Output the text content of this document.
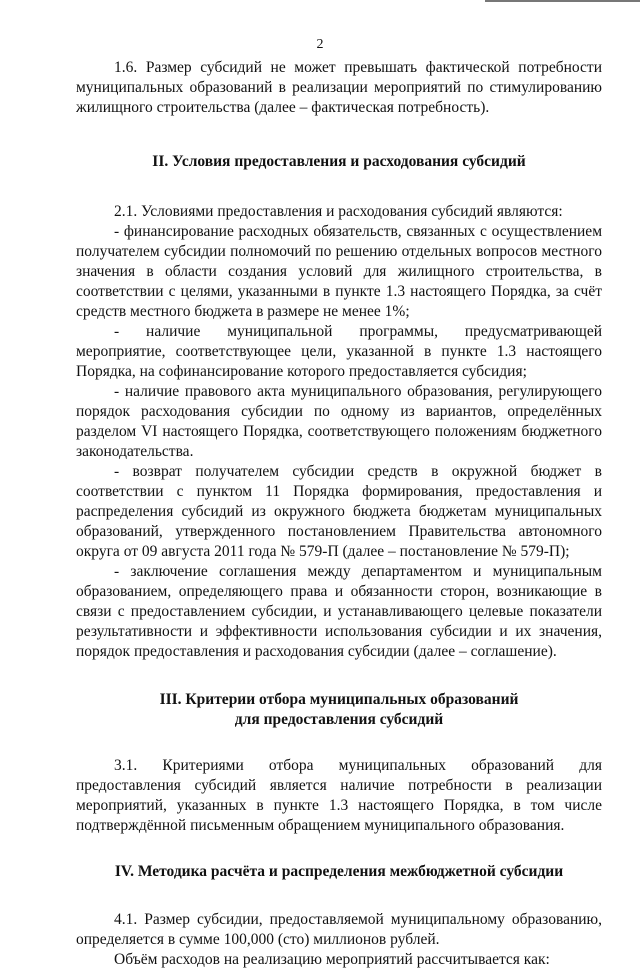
2

1.6. Размер субсидий не может превышать фактической потребности муниципальных образований в реализации мероприятий по стимулированию жилищного строительства (далее – фактическая потребность).

II. Условия предоставления и расходования субсидий

2.1. Условиями предоставления и расходования субсидий являются:

- финансирование расходных обязательств, связанных с осуществлением получателем субсидии полномочий по решению отдельных вопросов местного значения в области создания условий для жилищного строительства, в соответствии с целями, указанными в пункте 1.3 настоящего Порядка, за счёт средств местного бюджета в размере не менее 1%;

- наличие муниципальной программы, предусматривающей мероприятие, соответствующее цели, указанной в пункте 1.3 настоящего Порядка, на софинансирование которого предоставляется субсидия;

- наличие правового акта муниципального образования, регулирующего порядок расходования субсидии по одному из вариантов, определённых разделом VI настоящего Порядка, соответствующего положениям бюджетного законодательства.

- возврат получателем субсидии средств в окружной бюджет в соответствии с пунктом 11 Порядка формирования, предоставления и распределения субсидий из окружного бюджета бюджетам муниципальных образований, утвержденного постановлением Правительства автономного округа от 09 августа 2011 года № 579-П (далее – постановление № 579-П);

- заключение соглашения между департаментом и муниципальным образованием, определяющего права и обязанности сторон, возникающие в связи с предоставлением субсидии, и устанавливающего целевые показатели результативности и эффективности использования субсидии и их значения, порядок предоставления и расходования субсидии (далее – соглашение).

III. Критерии отбора муниципальных образований

для предоставления субсидий

3.1. Критериями отбора муниципальных образований для предоставления субсидий является наличие потребности в реализации мероприятий, указанных в пункте 1.3 настоящего Порядка, в том числе подтверждённой письменным обращением муниципального образования.

IV. Методика расчёта и распределения межбюджетной субсидии

4.1. Размер субсидии, предоставляемой муниципальному образованию, определяется в сумме 100,000 (сто) миллионов рублей.

Объём расходов на реализацию мероприятий рассчитывается как:
